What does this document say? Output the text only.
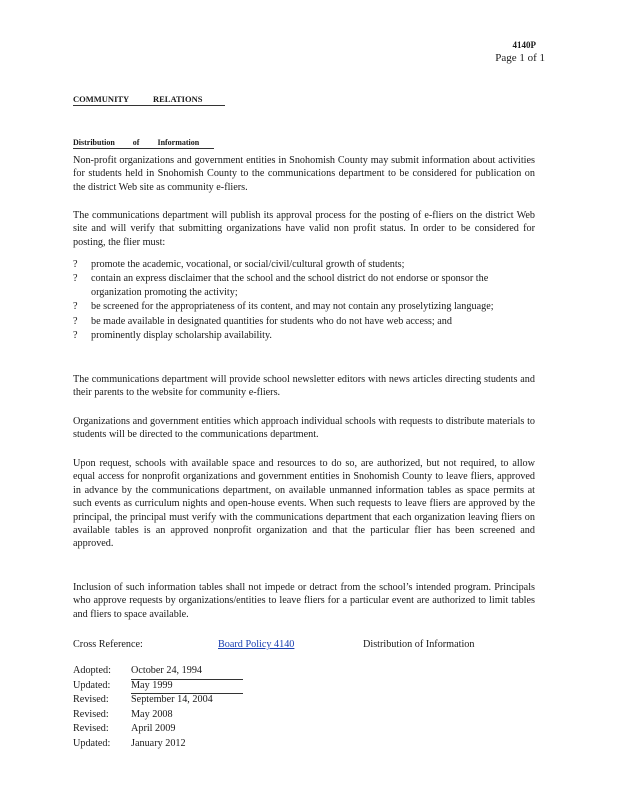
4140P
Page 1 of 1
COMMUNITY RELATIONS
Distribution of Information

Non-profit organizations and government entities in Snohomish County may submit information about activities for students held in Snohomish County to the communications department to be considered for publication on the district Web site as community e-fliers.

The communications department will publish its approval process for the posting of e-fliers on the district Web site and will verify that submitting organizations have valid non profit status. In order to be considered for posting, the flier must:

? promote the academic, vocational, or social/civil/cultural growth of students;
? contain an express disclaimer that the school and the school district do not endorse or sponsor the organization promoting the activity;
? be screened for the appropriateness of its content, and may not contain any proselytizing language;
? be made available in designated quantities for students who do not have web access; and
? prominently display scholarship availability.

The communications department will provide school newsletter editors with news articles directing students and their parents to the website for community e-fliers.

Organizations and government entities which approach individual schools with requests to distribute materials to students will be directed to the communications department.

Upon request, schools with available space and resources to do so, are authorized, but not required, to allow equal access for nonprofit organizations and government entities in Snohomish County to leave fliers, approved in advance by the communications department, on available unmanned information tables as space permits at such events as curriculum nights and open-house events. When such requests to leave fliers are approved by the principal, the principal must verify with the communications department that each organization leaving fliers on available tables is an approved nonprofit organization and that the particular flier has been screened and approved.

Inclusion of such information tables shall not impede or detract from the school’s intended program. Principals who approve requests by organizations/entities to leave fliers for a particular event are authorized to limit tables and fliers to space available.

Cross Reference:	Board Policy 4140	Distribution of Information
Adopted: October 24, 1994
Updated: May 1999
Revised: September 14, 2004
Revised: May 2008
Revised: April 2009
Updated: January 2012
